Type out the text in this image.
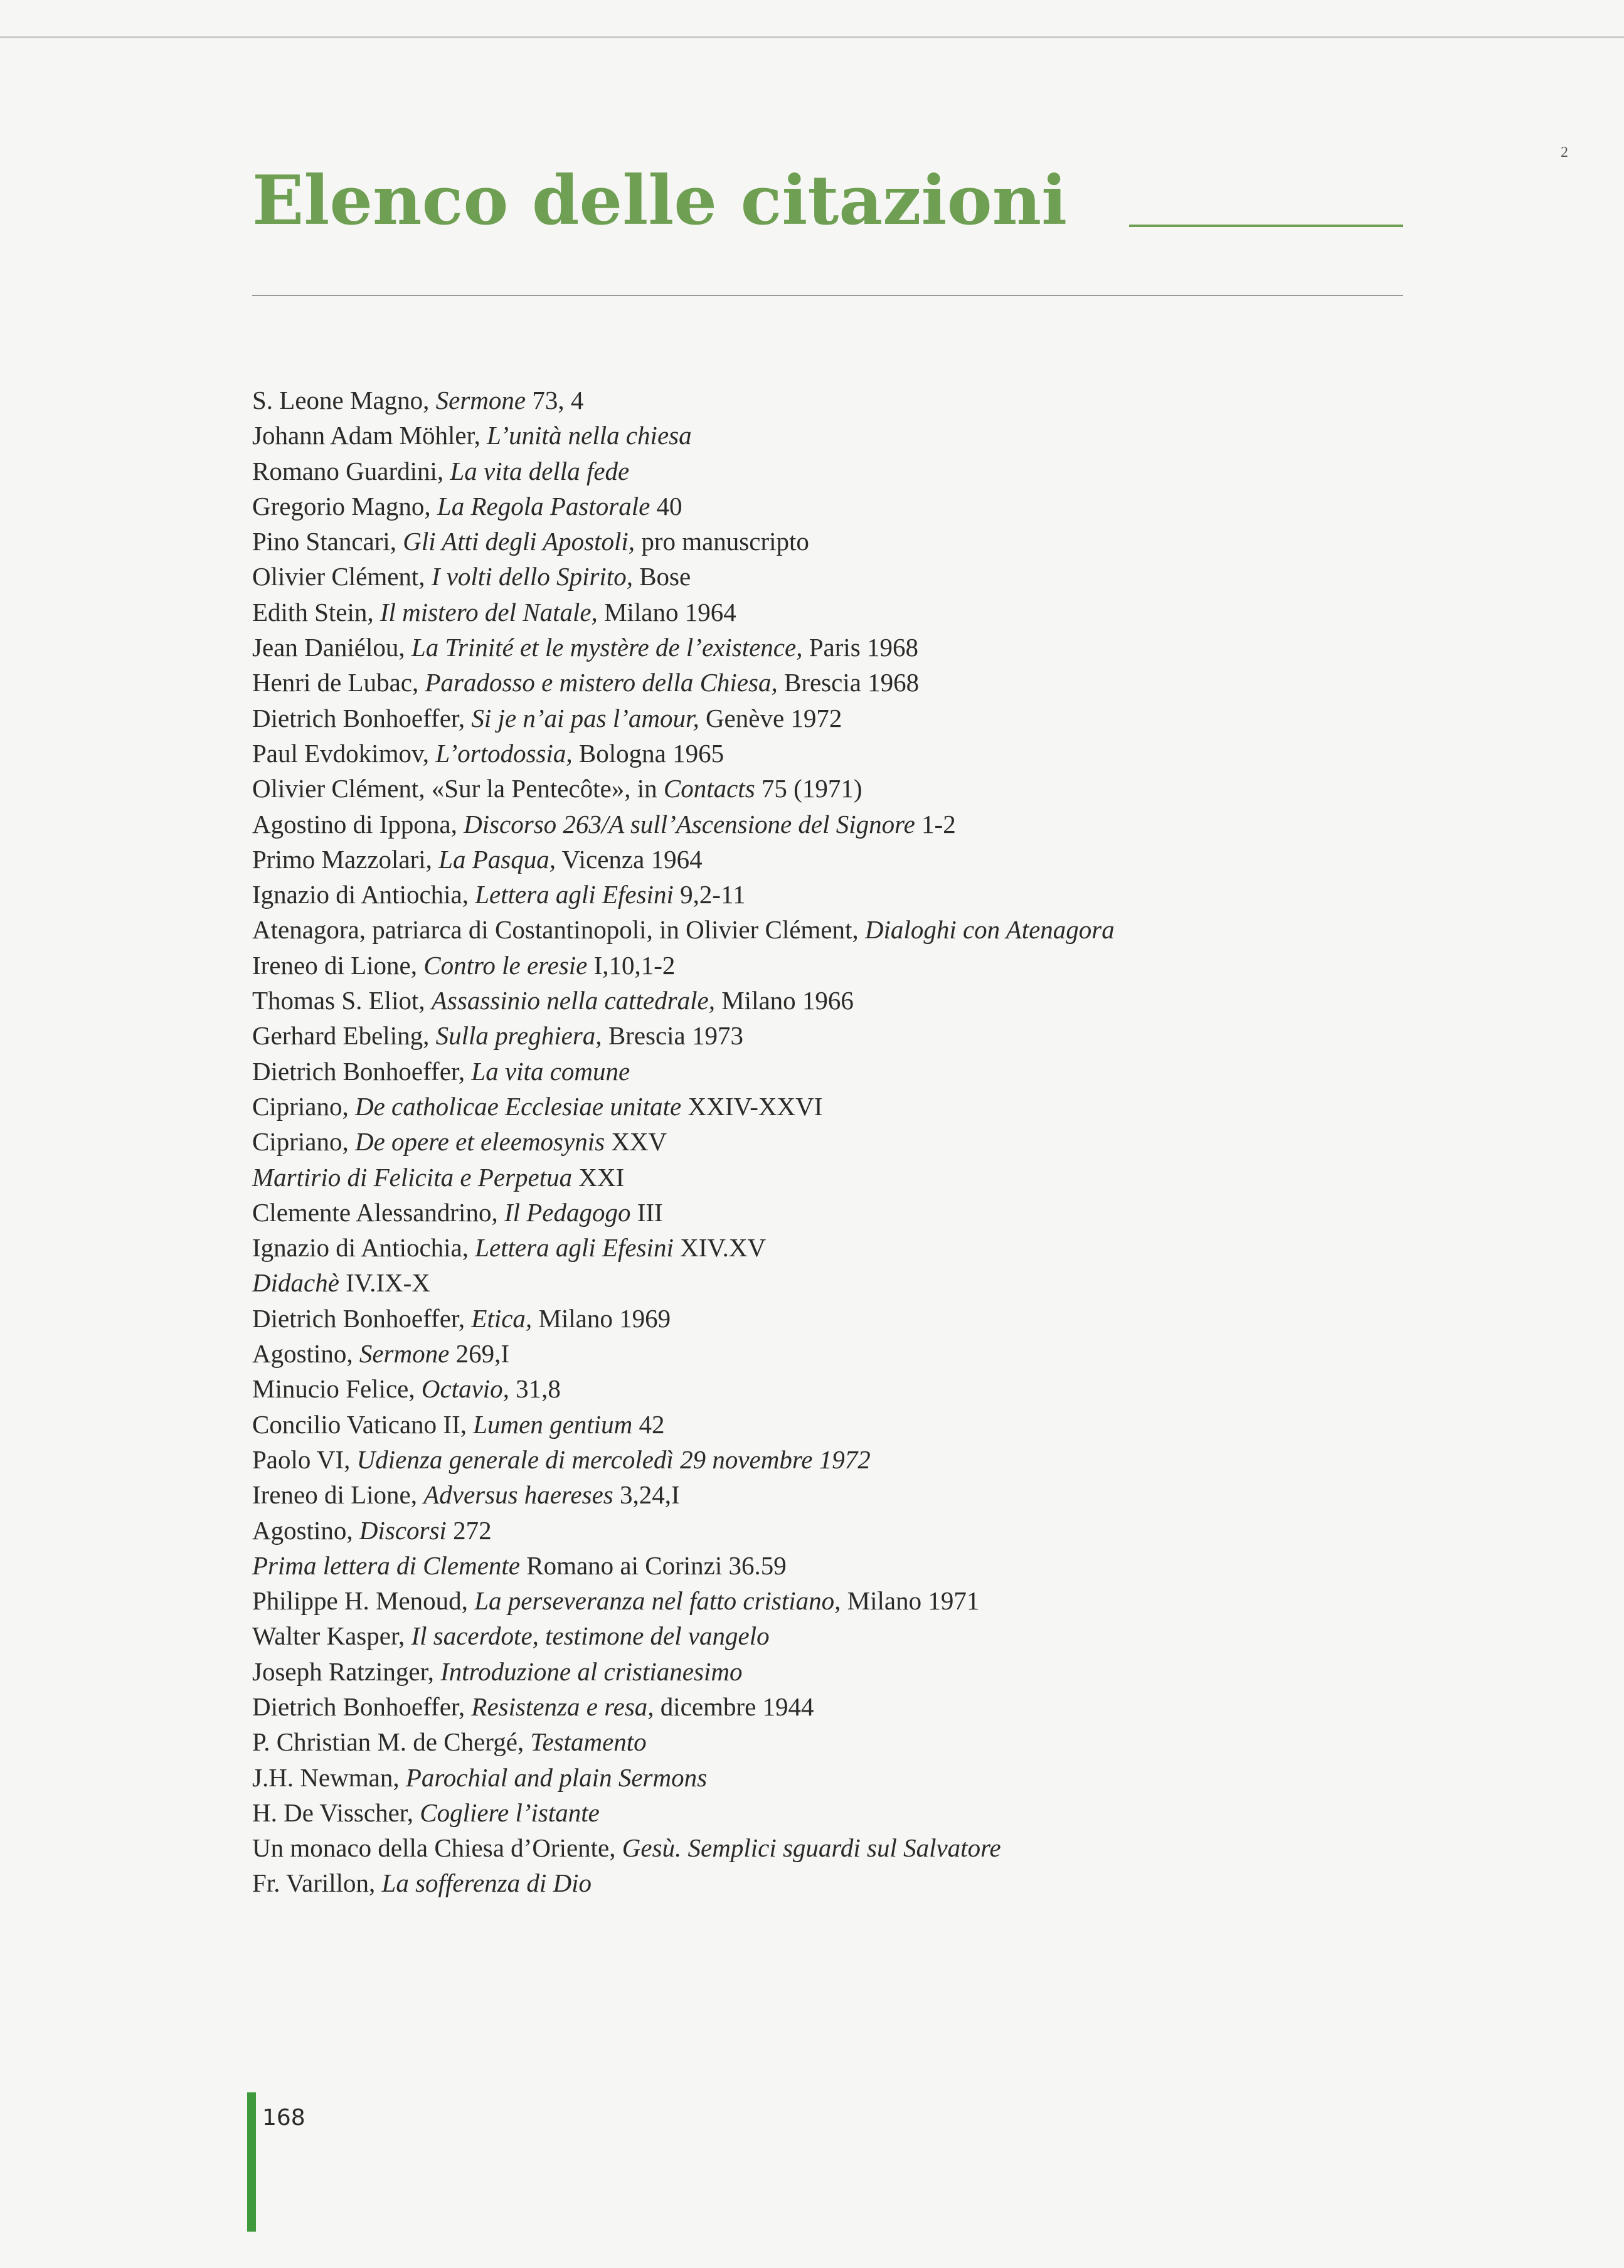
2
Elenco delle citazioni
S. Leone Magno, Sermone 73, 4
Johann Adam Möhler, L’unità nella chiesa
Romano Guardini, La vita della fede
Gregorio Magno, La Regola Pastorale 40
Pino Stancari, Gli Atti degli Apostoli, pro manuscripto
Olivier Clément, I volti dello Spirito, Bose
Edith Stein, Il mistero del Natale, Milano 1964
Jean Daniélou, La Trinité et le mystère de l’existence, Paris 1968
Henri de Lubac, Paradosso e mistero della Chiesa, Brescia 1968
Dietrich Bonhoeffer, Si je n’ai pas l’amour, Genève 1972
Paul Evdokimov, L’ortodossia, Bologna 1965
Olivier Clément, «Sur la Pentecôte», in Contacts 75 (1971)
Agostino di Ippona, Discorso 263/A sull’Ascensione del Signore 1-2
Primo Mazzolari, La Pasqua, Vicenza 1964
Ignazio di Antiochia, Lettera agli Efesini 9,2-11
Atenagora, patriarca di Costantinopoli, in Olivier Clément, Dialoghi con Atenagora
Ireneo di Lione, Contro le eresie I,10,1-2
Thomas S. Eliot, Assassinio nella cattedrale, Milano 1966
Gerhard Ebeling, Sulla preghiera, Brescia 1973
Dietrich Bonhoeffer, La vita comune
Cipriano, De catholicae Ecclesiae unitate XXIV-XXVI
Cipriano, De opere et eleemosynis XXV
Martirio di Felicita e Perpetua XXI
Clemente Alessandrino, Il Pedagogo III
Ignazio di Antiochia, Lettera agli Efesini XIV.XV
Didachè IV.IX-X
Dietrich Bonhoeffer, Etica, Milano 1969
Agostino, Sermone 269,I
Minucio Felice, Octavio, 31,8
Concilio Vaticano II, Lumen gentium 42
Paolo VI, Udienza generale di mercoledì 29 novembre 1972
Ireneo di Lione, Adversus haereses 3,24,I
Agostino, Discorsi 272
Prima lettera di Clemente Romano ai Corinzi 36.59
Philippe H. Menoud, La perseveranza nel fatto cristiano, Milano 1971
Walter Kasper, Il sacerdote, testimone del vangelo
Joseph Ratzinger, Introduzione al cristianesimo
Dietrich Bonhoeffer, Resistenza e resa, dicembre 1944
P. Christian M. de Chergé, Testamento
J.H. Newman, Parochial and plain Sermons
H. De Visscher, Cogliere l’istante
Un monaco della Chiesa d’Oriente, Gesù. Semplici sguardi sul Salvatore
Fr. Varillon, La sofferenza di Dio
168
